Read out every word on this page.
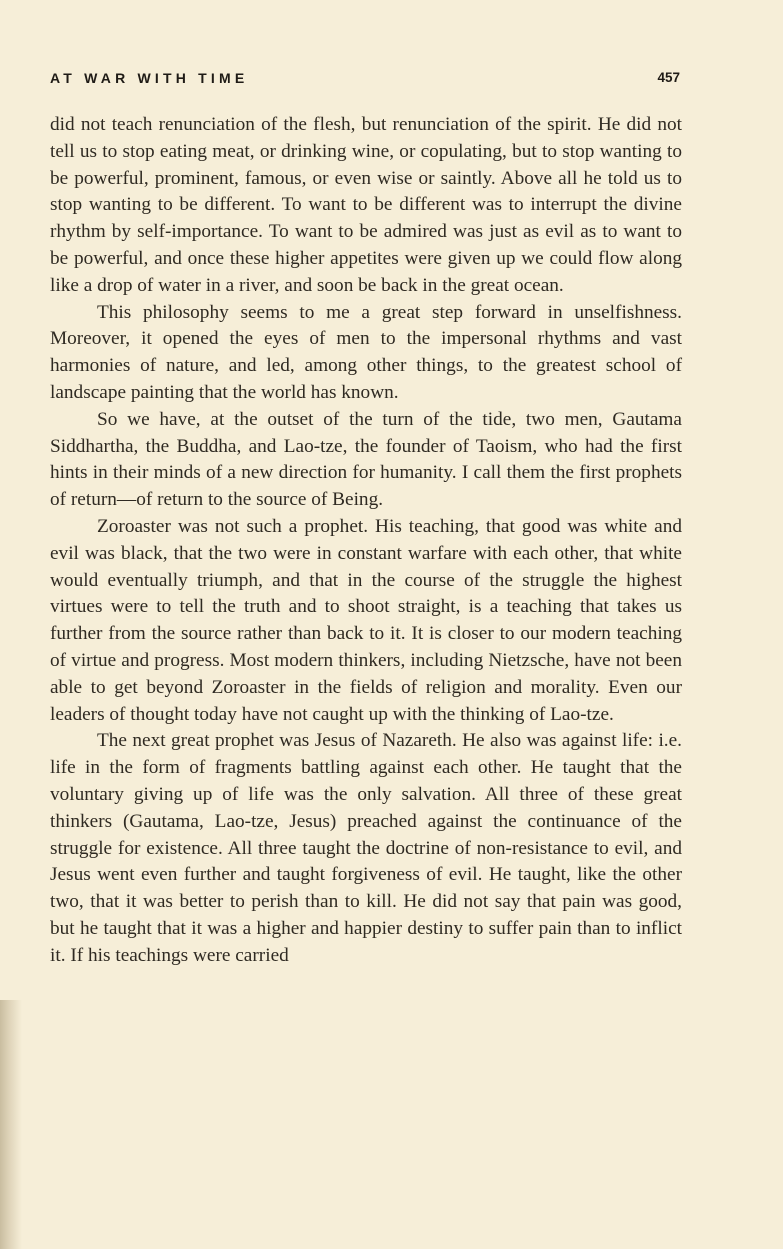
AT WAR WITH TIME	457

did not teach renunciation of the flesh, but renunciation of the spirit. He did not tell us to stop eating meat, or drinking wine, or copulating, but to stop wanting to be powerful, prominent, famous, or even wise or saintly. Above all he told us to stop wanting to be different. To want to be different was to interrupt the divine rhythm by self-importance. To want to be admired was just as evil as to want to be powerful, and once these higher appetites were given up we could flow along like a drop of water in a river, and soon be back in the great ocean.

This philosophy seems to me a great step forward in unselfishness. Moreover, it opened the eyes of men to the impersonal rhythms and vast harmonies of nature, and led, among other things, to the greatest school of landscape painting that the world has known.

So we have, at the outset of the turn of the tide, two men, Gautama Siddhartha, the Buddha, and Lao-tze, the founder of Taoism, who had the first hints in their minds of a new direction for humanity. I call them the first prophets of return—of return to the source of Being.

Zoroaster was not such a prophet. His teaching, that good was white and evil was black, that the two were in constant warfare with each other, that white would eventually triumph, and that in the course of the struggle the highest virtues were to tell the truth and to shoot straight, is a teaching that takes us further from the source rather than back to it. It is closer to our modern teaching of virtue and progress. Most modern thinkers, including Nietzsche, have not been able to get beyond Zoroaster in the fields of religion and morality. Even our leaders of thought today have not caught up with the thinking of Lao-tze.

The next great prophet was Jesus of Nazareth. He also was against life: i.e. life in the form of fragments battling against each other. He taught that the voluntary giving up of life was the only salvation. All three of these great thinkers (Gautama, Lao-tze, Jesus) preached against the continuance of the struggle for existence. All three taught the doctrine of non-resistance to evil, and Jesus went even further and taught forgiveness of evil. He taught, like the other two, that it was better to perish than to kill. He did not say that pain was good, but he taught that it was a higher and happier destiny to suffer pain than to inflict it. If his teachings were carried
